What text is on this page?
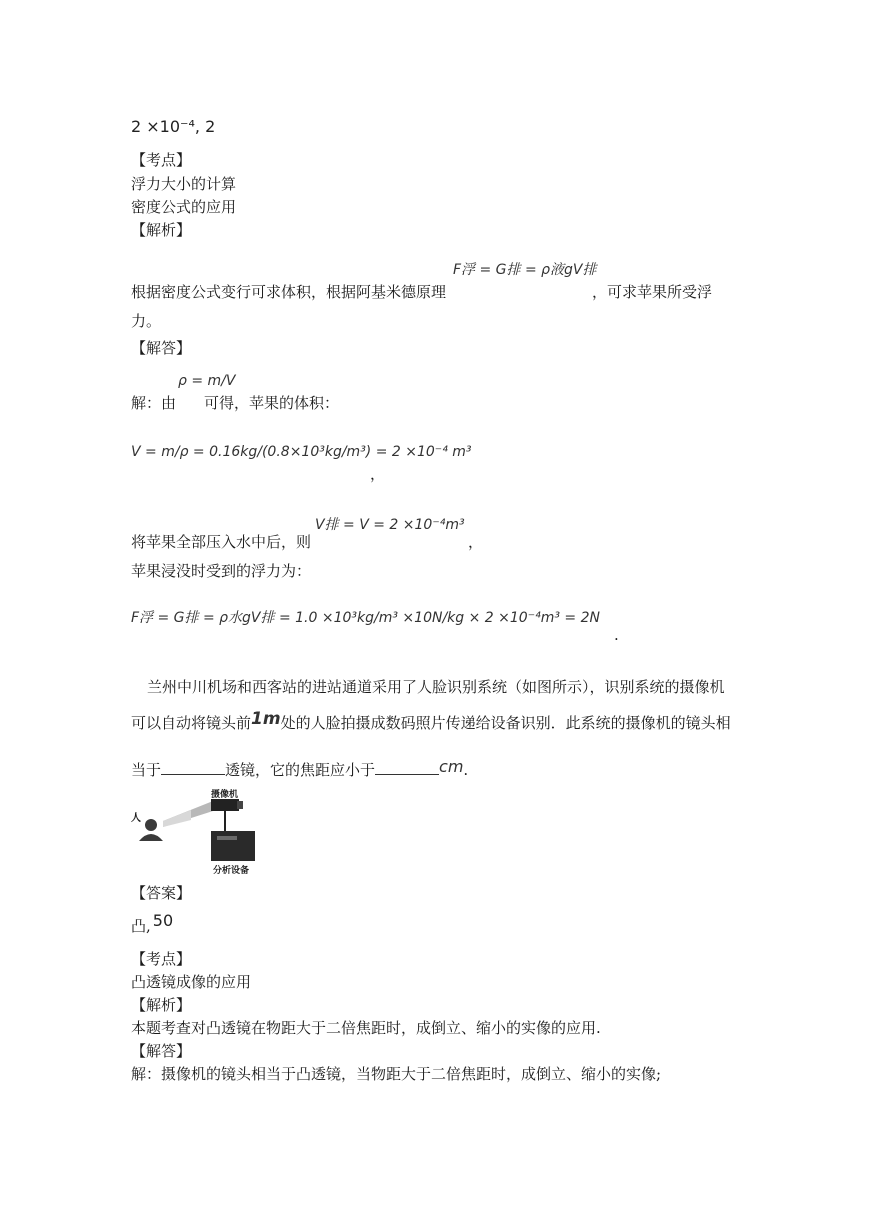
2 ×10⁻⁴, 2
【考点】
浮力大小的计算
密度公式的应用
【解析】
F浮 = G排 = ρ液gV排
根据密度公式变行可求体积，根据阿基米德原理	，可求苹果所受浮
力。
【解答】
ρ = m/V
解：由 可得，苹果的体积：
V = m/ρ = 0.16kg/(0.8×10³kg/m³) = 2 ×10⁻⁴ m³
，
V排 = V = 2 ×10⁻⁴m³
将苹果全部压入水中后，则	，
苹果浸没时受到的浮力为：
F浮 = G排 = ρ水gV排 = 1.0 ×10³kg/m³ ×10N/kg × 2 ×10⁻⁴m³ = 2N
.
兰州中川机场和西客站的进站通道采用了人脸识别系统（如图所示），识别系统的摄像机
可以自动将镜头前1m处的人脸拍摄成数码照片传递给设备识别．此系统的摄像机的镜头相
当于	透镜，它的焦距应小于	cm.
人
摄像机
分析设备
【答案】
凸, 50
【考点】
凸透镜成像的应用
【解析】
本题考查对凸透镜在物距大于二倍焦距时，成倒立、缩小的实像的应用.
【解答】
解：摄像机的镜头相当于凸透镜，当物距大于二倍焦距时，成倒立、缩小的实像;
